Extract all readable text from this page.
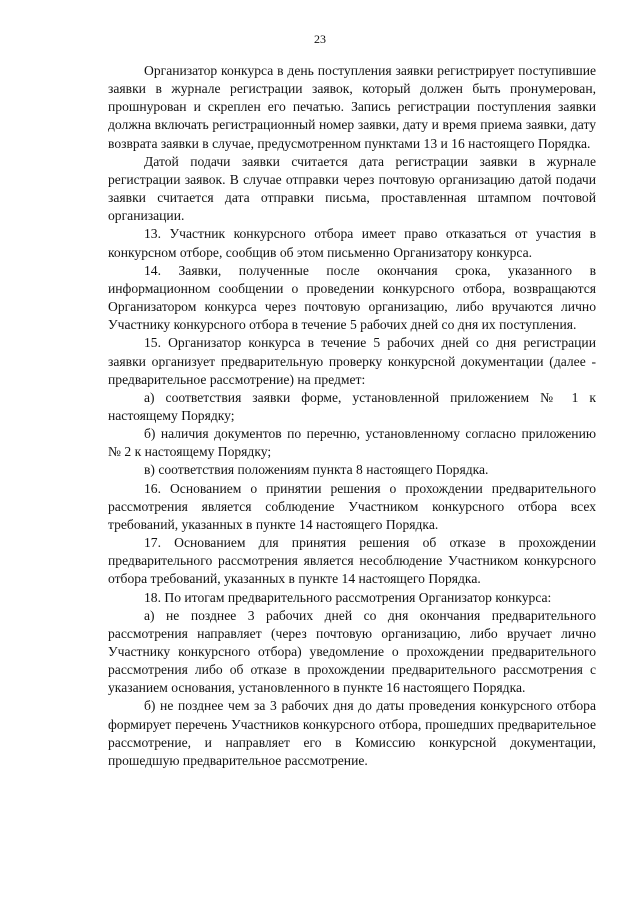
23

Организатор конкурса в день поступления заявки регистрирует поступившие заявки в журнале регистрации заявок, который должен быть пронумерован, прошнурован и скреплен его печатью. Запись регистрации поступления заявки должна включать регистрационный номер заявки, дату и время приема заявки, дату возврата заявки в случае, предусмотренном пунктами 13 и 16 настоящего Порядка.

Датой подачи заявки считается дата регистрации заявки в журнале регистрации заявок. В случае отправки через почтовую организацию датой подачи заявки считается дата отправки письма, проставленная штампом почтовой организации.

13. Участник конкурсного отбора имеет право отказаться от участия в конкурсном отборе, сообщив об этом письменно Организатору конкурса.

14. Заявки, полученные после окончания срока, указанного в информационном сообщении о проведении конкурсного отбора, возвращаются Организатором конкурса через почтовую организацию, либо вручаются лично Участнику конкурсного отбора в течение 5 рабочих дней со дня их поступления.

15. Организатор конкурса в течение 5 рабочих дней со дня регистрации заявки организует предварительную проверку конкурсной документации (далее - предварительное рассмотрение) на предмет:

а) соответствия заявки форме, установленной приложением № 1 к настоящему Порядку;

б) наличия документов по перечню, установленному согласно приложению № 2 к настоящему Порядку;

в) соответствия положениям пункта 8 настоящего Порядка.

16. Основанием о принятии решения о прохождении предварительного рассмотрения является соблюдение Участником конкурсного отбора всех требований, указанных в пункте 14 настоящего Порядка.

17. Основанием для принятия решения об отказе в прохождении предварительного рассмотрения является несоблюдение Участником конкурсного отбора требований, указанных в пункте 14 настоящего Порядка.

18. По итогам предварительного рассмотрения Организатор конкурса:

а) не позднее 3 рабочих дней со дня окончания предварительного рассмотрения направляет (через почтовую организацию, либо вручает лично Участнику конкурсного отбора) уведомление о прохождении предварительного рассмотрения либо об отказе в прохождении предварительного рассмотрения с указанием основания, установленного в пункте 16 настоящего Порядка.

б) не позднее чем за 3 рабочих дня до даты проведения конкурсного отбора формирует перечень Участников конкурсного отбора, прошедших предварительное рассмотрение, и направляет его в Комиссию конкурсной документации, прошедшую предварительное рассмотрение.
